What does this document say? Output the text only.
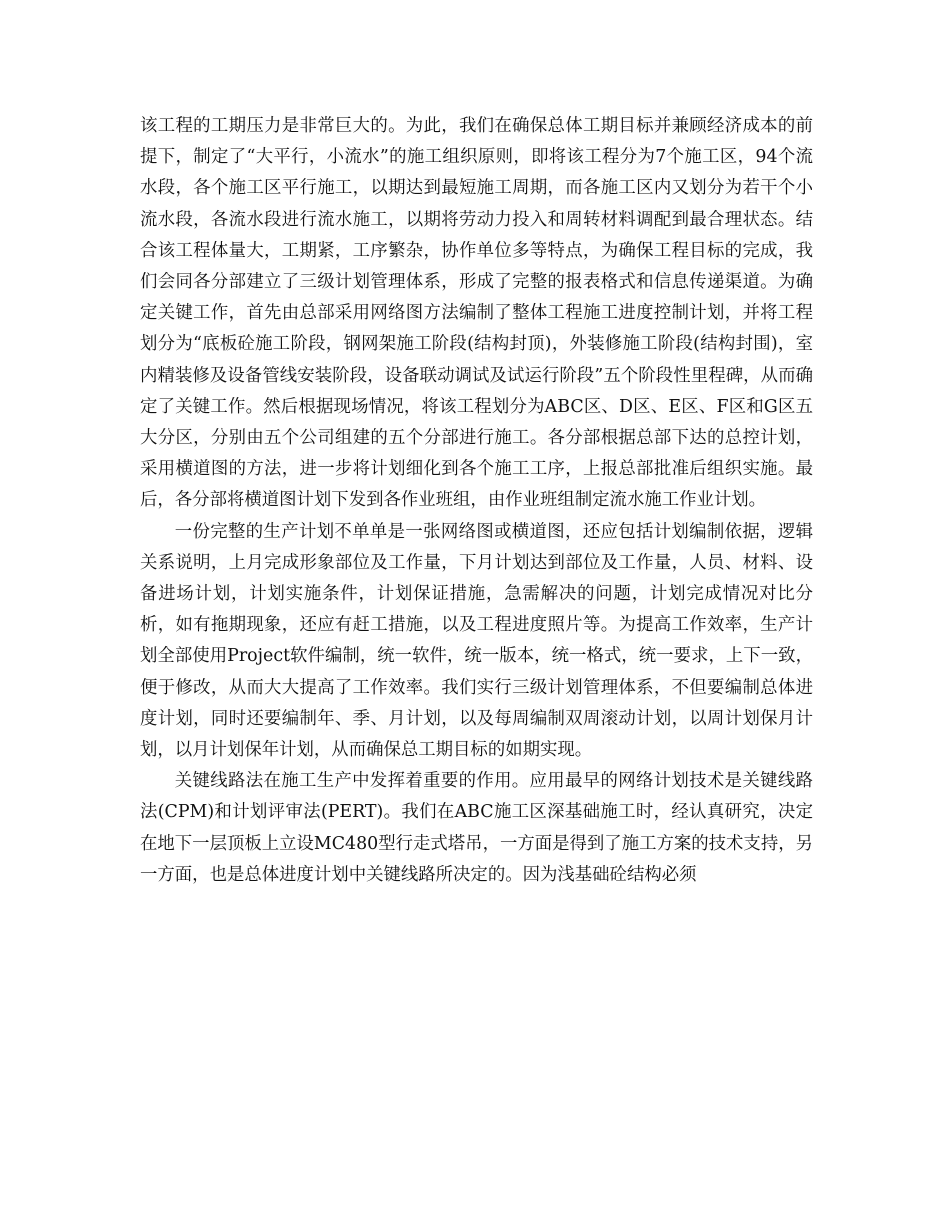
该工程的工期压力是非常巨大的。为此，我们在确保总体工期目标并兼顾经济成本的前提下，制定了“大平行，小流水”的施工组织原则，即将该工程分为7个施工区，94个流水段，各个施工区平行施工，以期达到最短施工周期，而各施工区内又划分为若干个小流水段，各流水段进行流水施工，以期将劳动力投入和周转材料调配到最合理状态。结合该工程体量大，工期紧，工序繁杂，协作单位多等特点，为确保工程目标的完成，我们会同各分部建立了三级计划管理体系，形成了完整的报表格式和信息传递渠道。为确定关键工作，首先由总部采用网络图方法编制了整体工程施工进度控制计划，并将工程划分为“底板砼施工阶段，钢网架施工阶段(结构封顶)，外装修施工阶段(结构封围)，室内精装修及设备管线安装阶段，设备联动调试及试运行阶段”五个阶段性里程碑，从而确定了关键工作。然后根据现场情况，将该工程划分为ABC区、D区、E区、F区和G区五大分区，分别由五个公司组建的五个分部进行施工。各分部根据总部下达的总控计划，采用横道图的方法，进一步将计划细化到各个施工工序，上报总部批准后组织实施。最后，各分部将横道图计划下发到各作业班组，由作业班组制定流水施工作业计划。

一份完整的生产计划不单单是一张网络图或横道图，还应包括计划编制依据，逻辑关系说明，上月完成形象部位及工作量，下月计划达到部位及工作量，人员、材料、设备进场计划，计划实施条件，计划保证措施，急需解决的问题，计划完成情况对比分析，如有拖期现象，还应有赶工措施，以及工程进度照片等。为提高工作效率，生产计划全部使用Project软件编制，统一软件，统一版本，统一格式，统一要求，上下一致，便于修改，从而大大提高了工作效率。我们实行三级计划管理体系，不但要编制总体进度计划，同时还要编制年、季、月计划，以及每周编制双周滚动计划，以周计划保月计划，以月计划保年计划，从而确保总工期目标的如期实现。

关键线路法在施工生产中发挥着重要的作用。应用最早的网络计划技术是关键线路法(CPM)和计划评审法(PERT)。我们在ABC施工区深基础施工时，经认真研究，决定在地下一层顶板上立设MC480型行走式塔吊，一方面是得到了施工方案的技术支持，另一方面，也是总体进度计划中关键线路所决定的。因为浅基础砼结构必须
